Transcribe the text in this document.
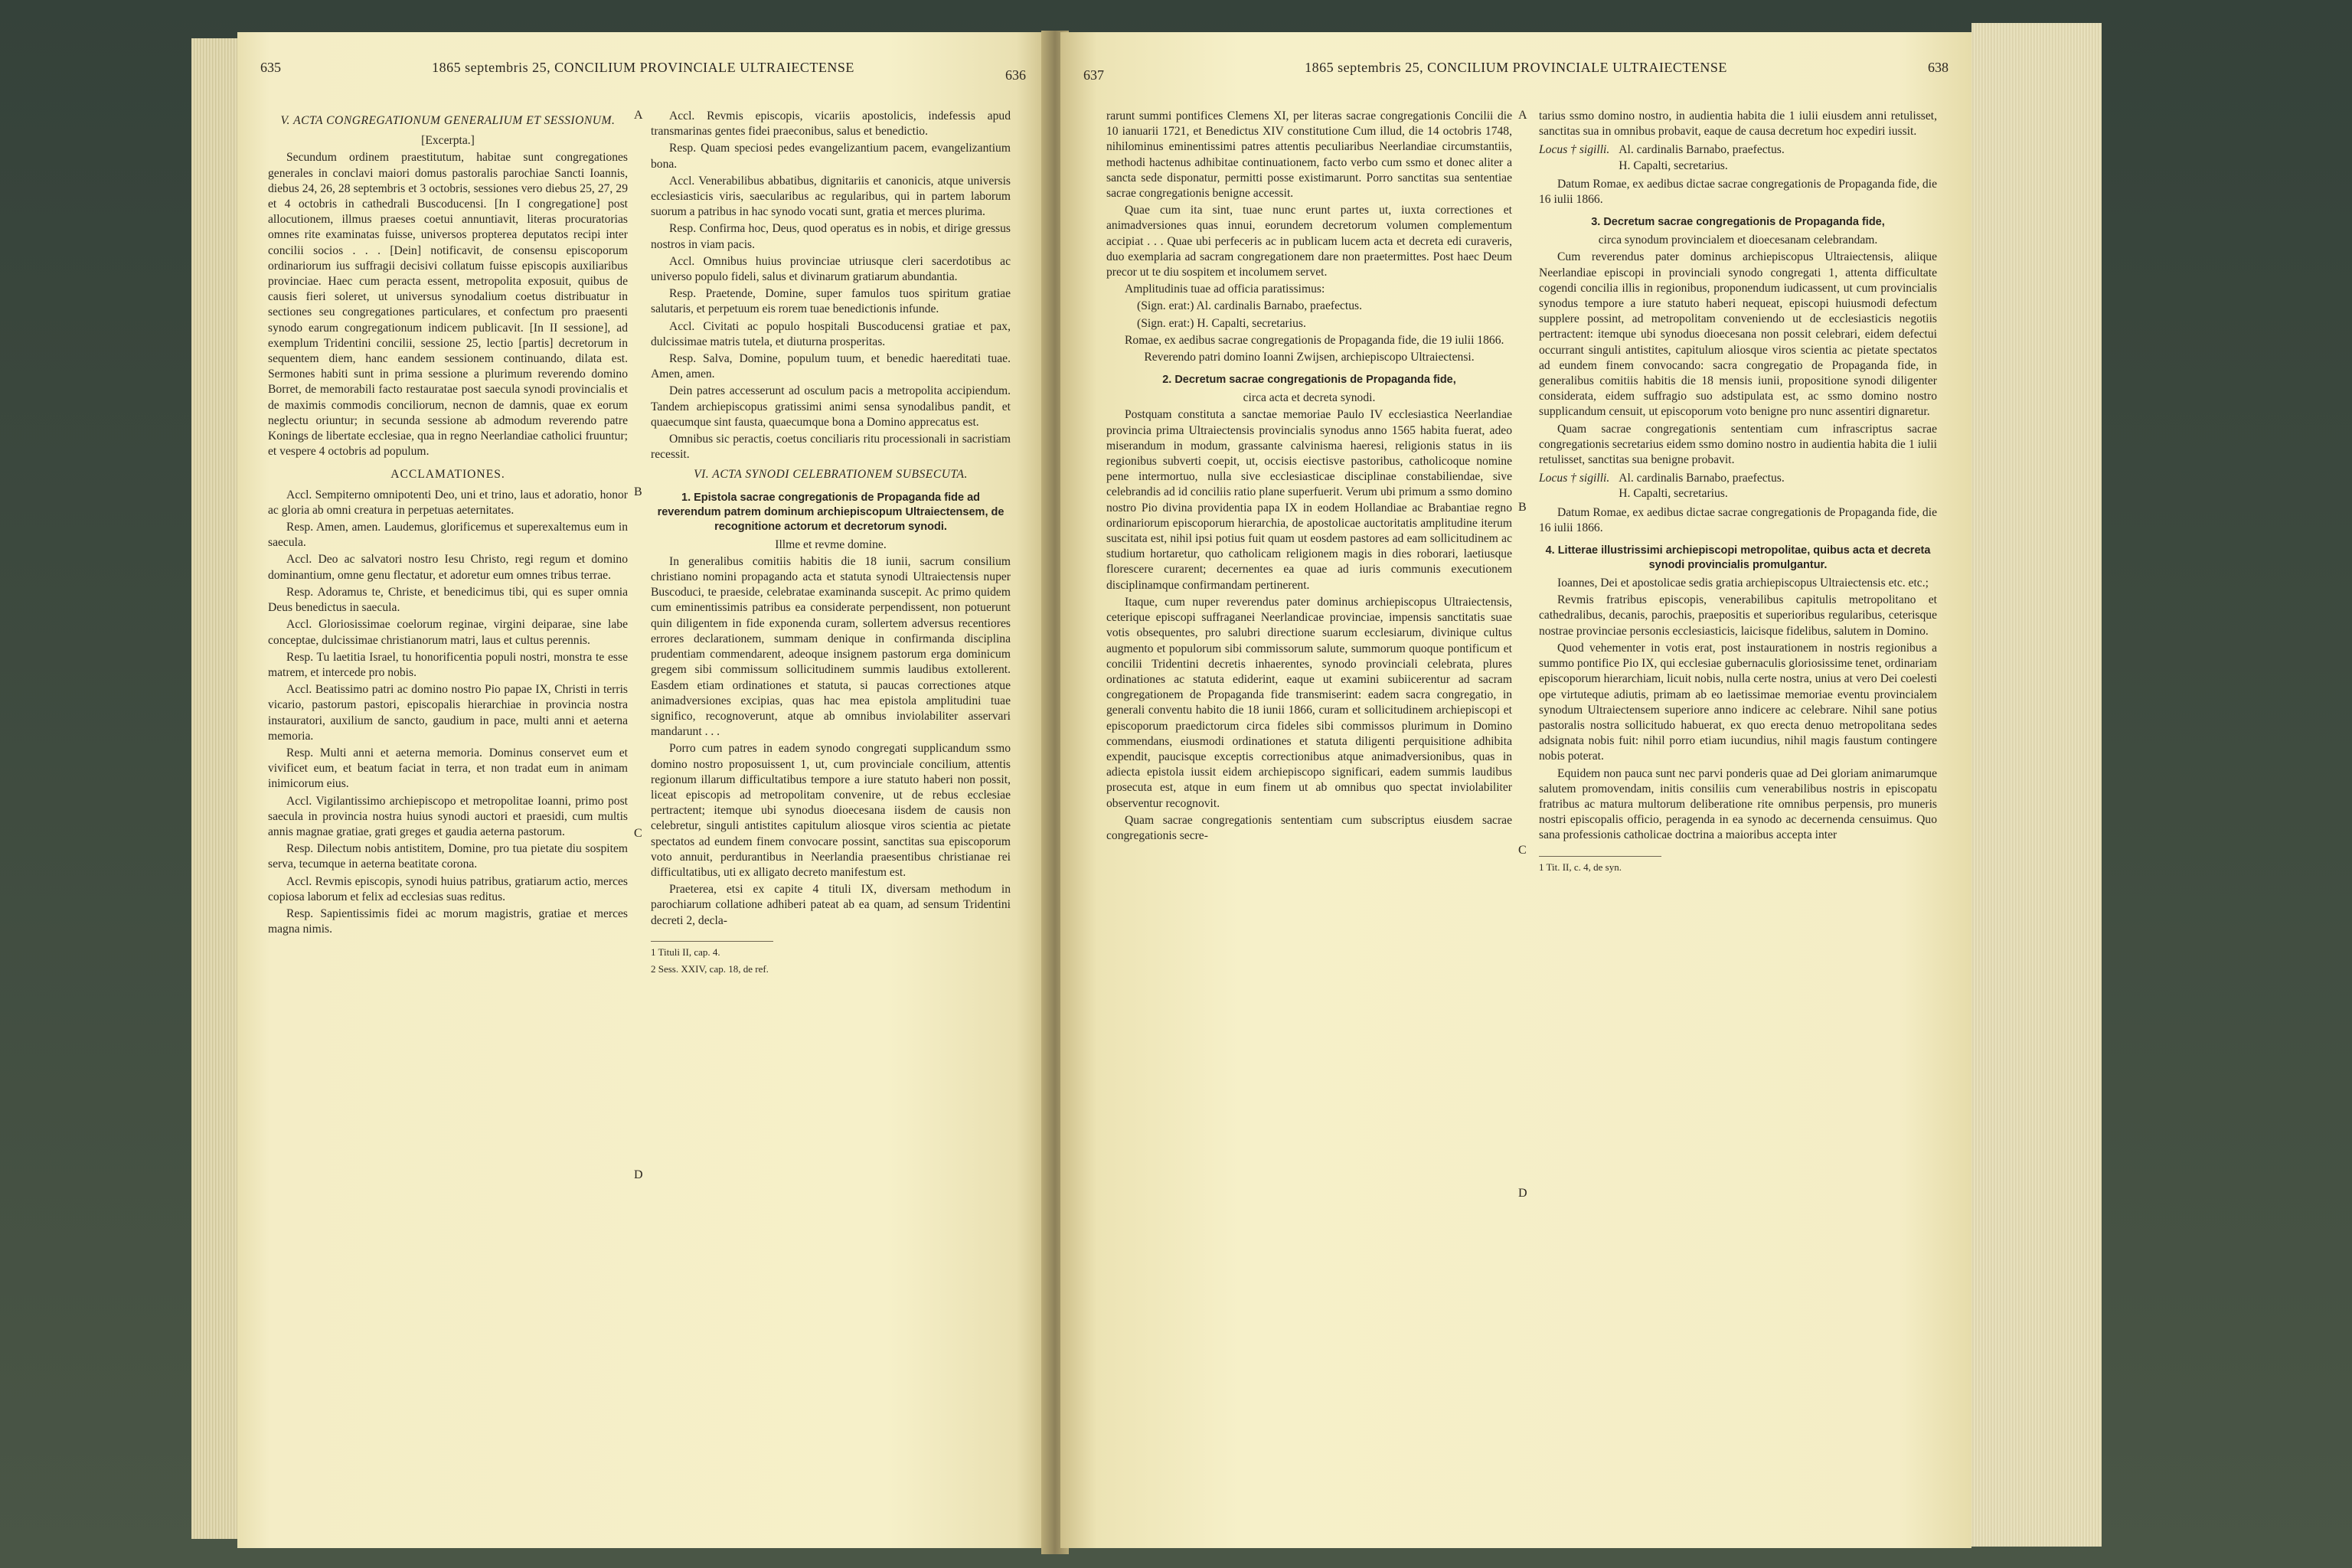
635	1865 septembris 25, CONCILIUM PROVINCIALE ULTRAIECTENSE	636
V. ACTA CONGREGATIONUM GENERALIUM ET SESSIONUM.

[Excerpta.]

Secundum ordinem praestitutum, habitae sunt congregationes generales in conclavi maiori domus pastoralis parochiae Sancti Ioannis, diebus 24, 26, 28 septembris et 3 octobris, sessiones vero diebus 25, 27, 29 et 4 octobris in cathedrali Buscoducensi. [In I congregatione] post allocutionem, illmus praeses coetui annuntiavit, literas procuratorias omnes rite examinatas fuisse, universos propterea deputatos recipi inter concilii socios . . . [Dein] notificavit, de consensu episcoporum ordinariorum ius suffragii decisivi collatum fuisse episcopis auxiliaribus provinciae. Haec cum peracta essent, metropolita exposuit, quibus de causis fieri soleret, ut universus synodalium coetus distribuatur in sectiones seu congregationes particulares, et confectum pro praesenti synodo earum congregationum indicem publicavit. [In II sessione], ad exemplum Tridentini concilii, sessione 25, lectio [partis] decretorum in sequentem diem, hanc eandem sessionem continuando, dilata est. Sermones habiti sunt in prima sessione a plurimum reverendo domino Borret, de memorabili facto restauratae post saecula synodi provincialis et de maximis commodis conciliorum, necnon de damnis, quae ex eorum neglectu oriuntur; in secunda sessione ab admodum reverendo patre Konings de libertate ecclesiae, qua in regno Neerlandiae catholici fruuntur; et vespere 4 octobris ad populum.

ACCLAMATIONES.

Accl. Sempiterno omnipotenti Deo, uni et trino, laus et adoratio, honor ac gloria ab omni creatura in perpetuas aeternitates.

Resp. Amen, amen. Laudemus, glorificemus et superexaltemus eum in saecula.

Accl. Deo ac salvatori nostro Iesu Christo, regi regum et domino dominantium, omne genu flectatur, et adoretur eum omnes tribus terrae.

Resp. Adoramus te, Christe, et benedicimus tibi, qui es super omnia Deus benedictus in saecula.

Accl. Gloriosissimae coelorum reginae, virgini deiparae, sine labe conceptae, dulcissimae christianorum matri, laus et cultus perennis.

Resp. Tu laetitia Israel, tu honorificentia populi nostri, monstra te esse matrem, et intercede pro nobis.

Accl. Beatissimo patri ac domino nostro Pio papae IX, Christi in terris vicario, pastorum pastori, episcopalis hierarchiae in provincia nostra instauratori, auxilium de sancto, gaudium in pace, multi anni et aeterna memoria.

Resp. Multi anni et aeterna memoria. Dominus conservet eum et vivificet eum, et beatum faciat in terra, et non tradat eum in animam inimicorum eius.

Accl. Vigilantissimo archiepiscopo et metropolitae Ioanni, primo post saecula in provincia nostra huius synodi auctori et praesidi, cum multis annis magnae gratiae, grati greges et gaudia aeterna pastorum.

Resp. Dilectum nobis antistitem, Domine, pro tua pietate diu sospitem serva, tecumque in aeterna beatitate corona.

Accl. Revmis episcopis, synodi huius patribus, gratiarum actio, merces copiosa laborum et felix ad ecclesias suas reditus.

Resp. Sapientissimis fidei ac morum magistris, gratiae et merces magna nimis.

Accl. Revmis episcopis, vicariis apostolicis, indefessis apud transmarinas gentes fidei praeconibus, salus et benedictio.

Resp. Quam speciosi pedes evangelizantium pacem, evangelizantium bona.

Accl. Venerabilibus abbatibus, dignitariis et canonicis, atque universis ecclesiasticis viris, saecularibus ac regularibus, qui in partem laborum suorum a patribus in hac synodo vocati sunt, gratia et merces plurima.

Resp. Confirma hoc, Deus, quod operatus es in nobis, et dirige gressus nostros in viam pacis.

Accl. Omnibus huius provinciae utriusque cleri sacerdotibus ac universo populo fideli, salus et divinarum gratiarum abundantia.

Resp. Praetende, Domine, super famulos tuos spiritum gratiae salutaris, et perpetuum eis rorem tuae benedictionis infunde.

Accl. Civitati ac populo hospitali Buscoducensi gratiae et pax, dulcissimae matris tutela, et diuturna prosperitas.

Resp. Salva, Domine, populum tuum, et benedic haereditati tuae. Amen, amen.

Dein patres accesserunt ad osculum pacis a metropolita accipiendum. Tandem archiepiscopus gratissimi animi sensa synodalibus pandit, et quaecumque sint fausta, quaecumque bona a Domino apprecatus est.

Omnibus sic peractis, coetus conciliaris ritu processionali in sacristiam recessit.

VI. ACTA SYNODI CELEBRATIONEM SUBSECUTA.
1. Epistola sacrae congregationis de Propaganda fide ad reverendum patrem dominum archiepiscopum Ultraiectensem, de recognitione actorum et decretorum synodi.

Illme et revme domine.

In generalibus comitiis habitis die 18 iunii, sacrum consilium christiano nomini propagando acta et statuta synodi Ultraiectensis nuper Buscoduci, te praeside, celebratae examinanda suscepit. Ac primo quidem cum eminentissimis patribus ea considerate perpendissent, non potuerunt quin diligentem in fide exponenda curam, sollertem adversus recentiores errores declarationem, summam denique in confirmanda disciplina prudentiam commendarent, adeoque insignem pastorum erga dominicum gregem sibi commissum sollicitudinem summis laudibus extollerent. Easdem etiam ordinationes et statuta, si paucas correctiones atque animadversiones excipias, quas hac mea epistola amplitudini tuae significo, recognoverunt, atque ab omnibus inviolabiliter asservari mandarunt . . .

Porro cum patres in eadem synodo congregati supplicandum ssmo domino nostro proposuissent 1, ut, cum provinciale concilium, attentis regionum illarum difficultatibus tempore a iure statuto haberi non possit, liceat episcopis ad metropolitam convenire, ut de rebus ecclesiae pertractent; itemque ubi synodus dioecesana iisdem de causis non celebretur, singuli antistites capitulum aliosque viros scientia ac pietate spectatos ad eundem finem convocare possint, sanctitas sua episcoporum voto annuit, perdurantibus in Neerlandia praesentibus christianae rei difficultatibus, uti ex alligato decreto manifestum est.

Praeterea, etsi ex capite 4 tituli IX, diversam methodum in parochiarum collatione adhiberi pateat ab ea quam, ad sensum Tridentini decreti 2, decla-

1 Tituli II, cap. 4.

2 Sess. XXIV, cap. 18, de ref.

A
B
C
D
637	1865 septembris 25, CONCILIUM PROVINCIALE ULTRAIECTENSE	638

rarunt summi pontifices Clemens XI, per literas sacrae congregationis Concilii die 10 ianuarii 1721, et Benedictus XIV constitutione Cum illud, die 14 octobris 1748, nihilominus eminentissimi patres attentis peculiaribus Neerlandiae circumstantiis, methodi hactenus adhibitae continuationem, facto verbo cum ssmo et donec aliter a sancta sede disponatur, permitti posse existimarunt. Porro sanctitas sua sententiae sacrae congregationis benigne accessit.

Quae cum ita sint, tuae nunc erunt partes ut, iuxta correctiones et animadversiones quas innui, eorundem decretorum volumen complementum accipiat . . . Quae ubi perfeceris ac in publicam lucem acta et decreta edi curaveris, duo exemplaria ad sacram congregationem dare non praetermittes. Post haec Deum precor ut te diu sospitem et incolumem servet.

Amplitudinis tuae ad officia paratissimus:

(Sign. erat:) Al. cardinalis Barnabo, praefectus.

(Sign. erat:) H. Capalti, secretarius.

Romae, ex aedibus sacrae congregationis de Propaganda fide, die 19 iulii 1866.

Reverendo patri domino Ioanni Zwijsen, archiepiscopo Ultraiectensi.

2. Decretum sacrae congregationis de Propaganda fide,

circa acta et decreta synodi.

Postquam constituta a sanctae memoriae Paulo IV ecclesiastica Neerlandiae provincia prima Ultraiectensis provincialis synodus anno 1565 habita fuerat, adeo miserandum in modum, grassante calvinisma haeresi, religionis status in iis regionibus subverti coepit, ut, occisis eiectisve pastoribus, catholicoque nomine pene intermortuo, nulla sive ecclesiasticae disciplinae constabiliendae, sive celebrandis ad id conciliis ratio plane superfuerit. Verum ubi primum a ssmo domino nostro Pio divina providentia papa IX in eodem Hollandiae ac Brabantiae regno ordinariorum episcoporum hierarchia, de apostolicae auctoritatis amplitudine iterum suscitata est, nihil ipsi potius fuit quam ut eosdem pastores ad eam sollicitudinem ac studium hortaretur, quo catholicam religionem magis in dies roborari, laetiusque florescere curarent; decernentes ea quae ad iuris communis executionem disciplinamque confirmandam pertinerent.

Itaque, cum nuper reverendus pater dominus archiepiscopus Ultraiectensis, ceterique episcopi suffraganei Neerlandicae provinciae, impensis sanctitatis suae votis obsequentes, pro salubri directione suarum ecclesiarum, divinique cultus augmento et populorum sibi commissorum salute, summorum quoque pontificum et concilii Tridentini decretis inhaerentes, synodo provinciali celebrata, plures ordinationes ac statuta ediderint, eaque ut examini subiicerentur ad sacram congregationem de Propaganda fide transmiserint: eadem sacra congregatio, in generali conventu habito die 18 iunii 1866, curam et sollicitudinem archiepiscopi et episcoporum praedictorum circa fideles sibi commissos plurimum in Domino commendans, eiusmodi ordinationes et statuta diligenti perquisitione adhibita expendit, paucisque exceptis correctionibus atque animadversionibus, quas in adiecta epistola iussit eidem archiepiscopo significari, eadem summis laudibus prosecuta est, atque in eum finem ut ab omnibus quo spectat inviolabiliter observentur recognovit.

Quam sacrae congregationis sententiam cum subscriptus eiusdem sacrae congregationis secre-

tarius ssmo domino nostro, in audientia habita die 1 iulii eiusdem anni retulisset, sanctitas sua in omnibus probavit, eaque de causa decretum hoc expediri iussit.

Locus † sigilli. Al. cardinalis Barnabo, praefectus.
H. Capalti, secretarius.

Datum Romae, ex aedibus dictae sacrae congregationis de Propaganda fide, die 16 iulii 1866.

3. Decretum sacrae congregationis de Propaganda fide,

circa synodum provincialem et dioecesanam celebrandam.

Cum reverendus pater dominus archiepiscopus Ultraiectensis, aliique Neerlandiae episcopi in provinciali synodo congregati 1, attenta difficultate cogendi concilia illis in regionibus, proponendum iudicassent, ut cum provincialis synodus tempore a iure statuto haberi nequeat, episcopi huiusmodi defectum supplere possint, ad metropolitam conveniendo ut de ecclesiasticis negotiis pertractent: itemque ubi synodus dioecesana non possit celebrari, eidem defectui occurrant singuli antistites, capitulum aliosque viros scientia ac pietate spectatos ad eundem finem convocando: sacra congregatio de Propaganda fide, in generalibus comitiis habitis die 18 mensis iunii, propositione synodi diligenter considerata, eidem suffragio suo adstipulata est, ac ssmo domino nostro supplicandum censuit, ut episcoporum voto benigne pro nunc assentiri dignaretur.

Quam sacrae congregationis sententiam cum infrascriptus sacrae congregationis secretarius eidem ssmo domino nostro in audientia habita die 1 iulii retulisset, sanctitas sua benigne probavit.

Locus † sigilli. Al. cardinalis Barnabo, praefectus.
H. Capalti, secretarius.

Datum Romae, ex aedibus dictae sacrae congregationis de Propaganda fide, die 16 iulii 1866.

4. Litterae illustrissimi archiepiscopi metropolitae, quibus acta et decreta synodi provincialis promulgantur.

Ioannes, Dei et apostolicae sedis gratia archiepiscopus Ultraiectensis etc. etc.;

Revmis fratribus episcopis, venerabilibus capitulis metropolitano et cathedralibus, decanis, parochis, praepositis et superioribus regularibus, ceterisque nostrae provinciae personis ecclesiasticis, laicisque fidelibus, salutem in Domino.

Quod vehementer in votis erat, post instaurationem in nostris regionibus a summo pontifice Pio IX, qui ecclesiae gubernaculis gloriosissime tenet, ordinariam episcoporum hierarchiam, licuit nobis, nulla certe nostra, unius at vero Dei coelesti ope virtuteque adiutis, primam ab eo laetissimae memoriae eventu provincialem synodum Ultraiectensem superiore anno indicere ac celebrare. Nihil sane potius pastoralis nostra sollicitudo habuerat, ex quo erecta denuo metropolitana sedes adsignata nobis fuit: nihil porro etiam iucundius, nihil magis faustum contingere nobis poterat.

Equidem non pauca sunt nec parvi ponderis quae ad Dei gloriam animarumque salutem promovendam, initis consiliis cum venerabilibus nostris in episcopatu fratribus ac matura multorum deliberatione rite omnibus perpensis, pro muneris nostri episcopalis officio, peragenda in ea synodo ac decernenda censuimus. Quo sana professionis catholicae doctrina a maioribus accepta inter

1 Tit. II, c. 4, de syn.

A
B
C
D
